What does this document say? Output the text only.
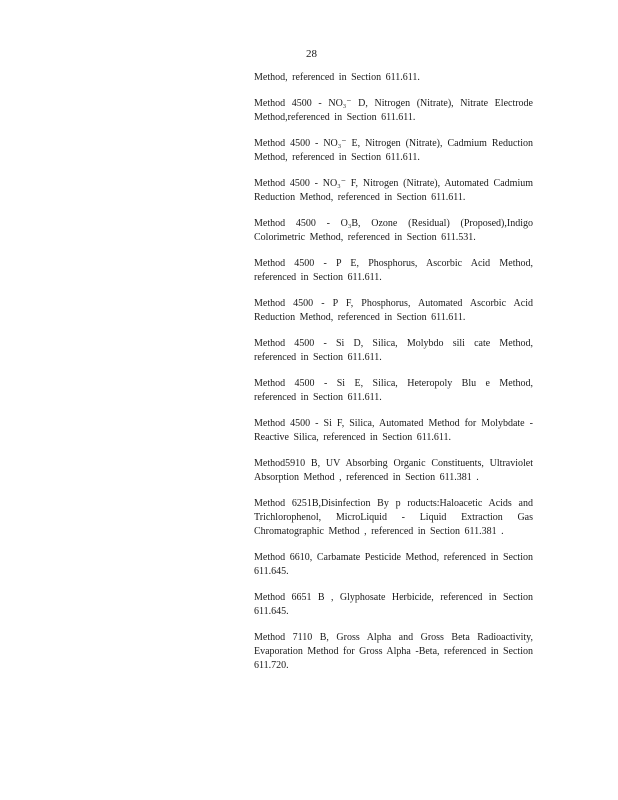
28

Method, referenced in Section 611.611.

Method 4500 - NO₃⁻ D, Nitrogen (Nitrate), Nitrate Electrode Method,referenced in Section 611.611.

Method 4500 - NO₃⁻ E, Nitrogen (Nitrate), Cadmium Reduction Method, referenced in Section 611.611.

Method 4500 - NO₃⁻ F, Nitrogen (Nitrate), Automated Cadmium Reduction Method, referenced in Section 611.611.

Method 4500 - O₃B, Ozone (Residual) (Proposed),Indigo Colorimetric Method, referenced in Section 611.531.

Method 4500 - P E, Phosphorus, Ascorbic Acid Method, referenced in Section 611.611.

Method 4500 - P F, Phosphorus, Automated Ascorbic Acid Reduction Method, referenced in Section 611.611.

Method 4500 - Si D, Silica, Molybdo sili cate Method, referenced in Section 611.611.

Method 4500 - Si E, Silica, Heteropoly Blu e Method, referenced in Section 611.611.

Method 4500 - Si F, Silica, Automated Method for Molybdate -Reactive Silica, referenced in Section 611.611.

Method5910 B, UV Absorbing Organic Constituents, Ultraviolet Absorption Method , referenced in Section 611.381 .

Method 6251B,Disinfection By p roducts:Haloacetic Acids and Trichlorophenol, MicroLiquid - Liquid Extraction Gas Chromatographic Method , referenced in Section 611.381 .

Method 6610, Carbamate Pesticide Method, referenced in Section 611.645.

Method 6651 B , Glyphosate Herbicide, referenced in Section 611.645.

Method 7110 B, Gross Alpha and Gross Beta Radioactivity, Evaporation Method for Gross Alpha -Beta, referenced in Section 611.720.
